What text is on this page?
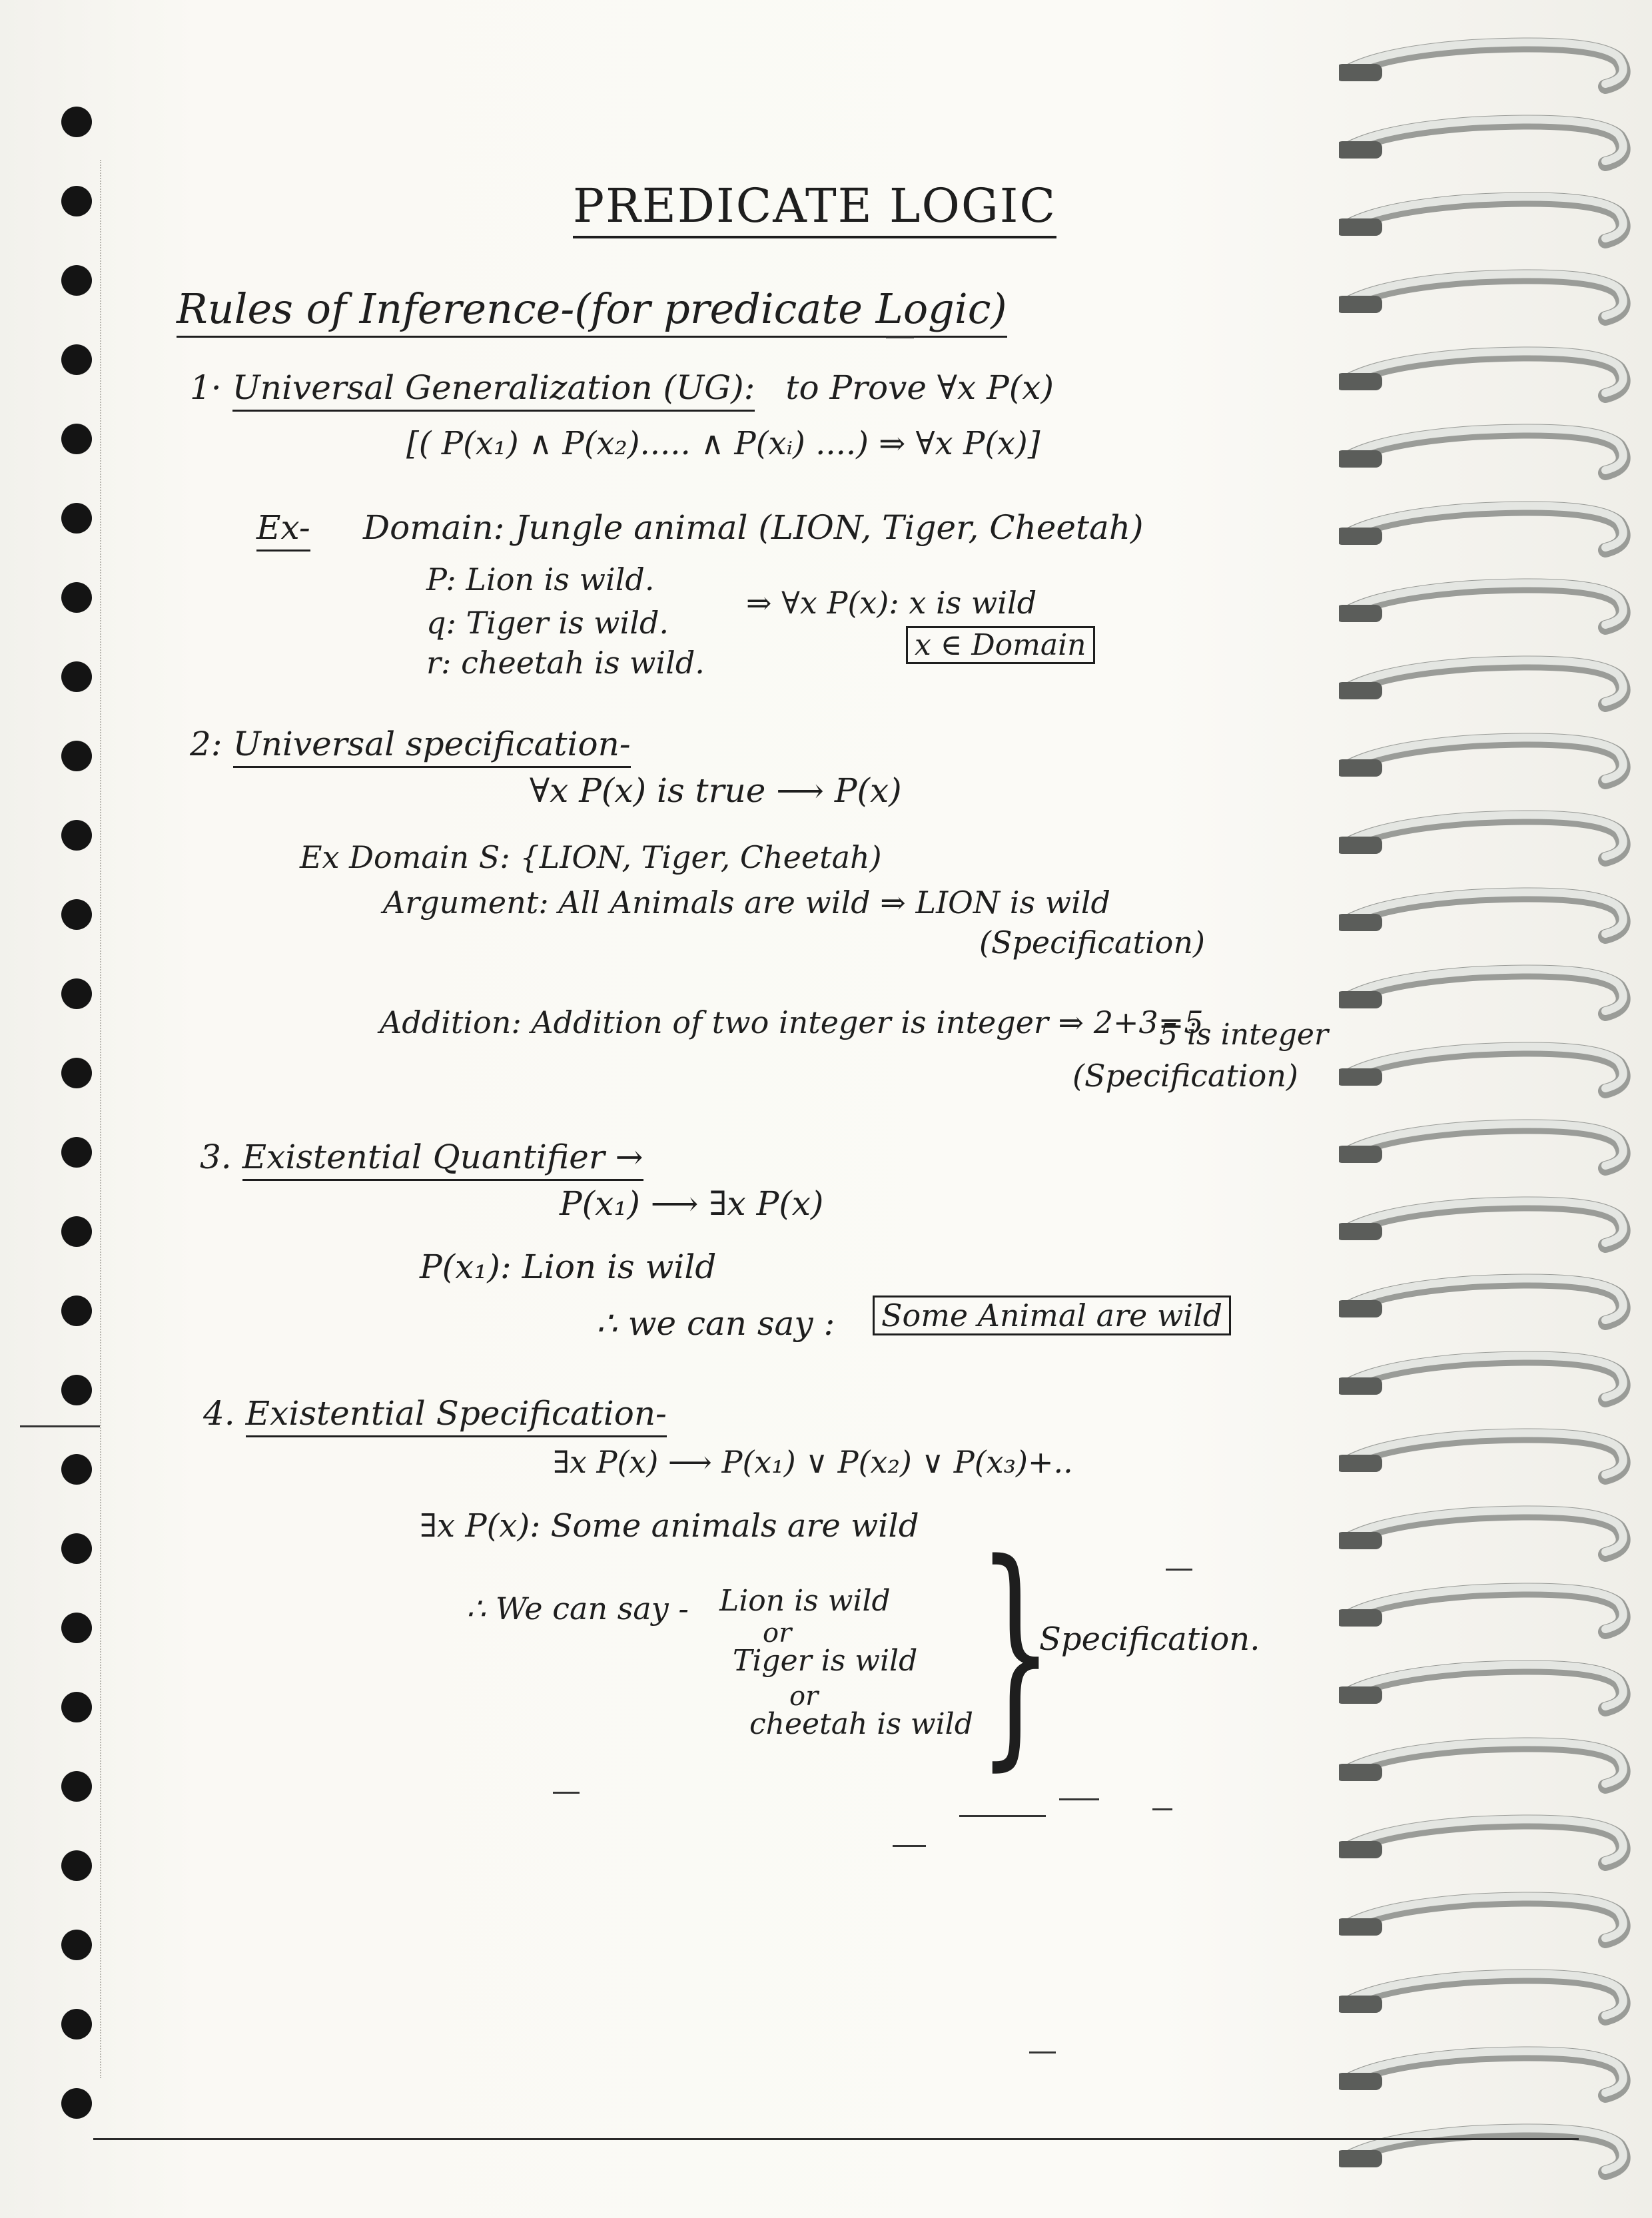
PREDICATE LOGIC
Rules of Inference-(for predicate Logic)
1· Universal Generalization (UG): to Prove ∀x P(x)
[( P(x₁) ∧ P(x₂)..... ∧ P(xᵢ) ....) ⇒ ∀x P(x)]
Ex- Domain: Jungle animal (LION, Tiger, Cheetah)
P: Lion is wild.
q: Tiger is wild.
r: cheetah is wild.
⇒ ∀x P(x): x is wild
x ∈ Domain
2: Universal specification-
∀x P(x) is true ⟶ P(x)
Ex Domain S: {LION, Tiger, Cheetah)
Argument: All Animals are wild ⇒ LION is wild
(Specification)
Addition: Addition of two integer is integer ⇒ 2+3=5
5 is integer
(Specification)
3. Existential Quantifier →
P(x₁) ⟶ ∃x P(x)
P(x₁): Lion is wild
∴ we can say : Some Animal are wild
4. Existential Specification-
∃x P(x) ⟶ P(x₁) ∨ P(x₂) ∨ P(x₃)+..
∃x P(x): Some animals are wild
∴ We can say - Lion is wild
or
Tiger is wild
or
cheetah is wild }
Specification.
